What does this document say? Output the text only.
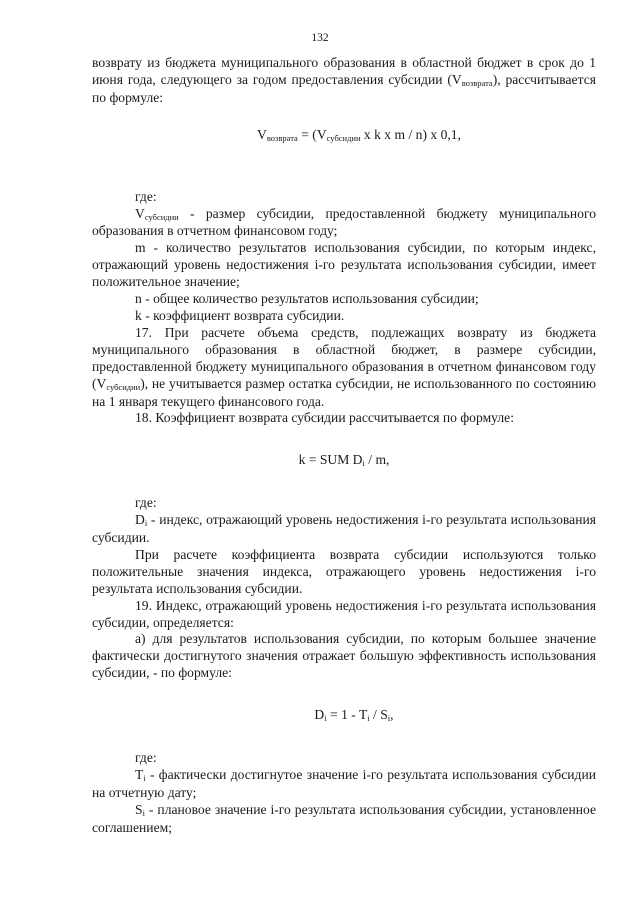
132

возврату из бюджета муниципального образования в областной бюджет в срок до 1 июня года, следующего за годом предоставления субсидии (Vвозврата), рассчитывается по формуле:

Vвозврата = (Vсубсидии x k x m / n) x 0,1,

где:

Vсубсидии - размер субсидии, предоставленной бюджету муниципального образования в отчетном финансовом году;

m - количество результатов использования субсидии, по которым индекс, отражающий уровень недостижения i-го результата использования субсидии, имеет положительное значение;

n - общее количество результатов использования субсидии;

k - коэффициент возврата субсидии.

17. При расчете объема средств, подлежащих возврату из бюджета муниципального образования в областной бюджет, в размере субсидии, предоставленной бюджету муниципального образования в отчетном финансовом году (Vсубсидии), не учитывается размер остатка субсидии, не использованного по состоянию на 1 января текущего финансового года.

18. Коэффициент возврата субсидии рассчитывается по формуле:

k = SUM Di / m,

где:

Di - индекс, отражающий уровень недостижения i-го результата использования субсидии.

При расчете коэффициента возврата субсидии используются только положительные значения индекса, отражающего уровень недостижения i-го результата использования субсидии.

19. Индекс, отражающий уровень недостижения i-го результата использования субсидии, определяется:

а) для результатов использования субсидии, по которым большее значение фактически достигнутого значения отражает большую эффективность использования субсидии, - по формуле:

Di = 1 - Ti / Si,

где:

Ti - фактически достигнутое значение i-го результата использования субсидии на отчетную дату;

Si - плановое значение i-го результата использования субсидии, установленное соглашением;
